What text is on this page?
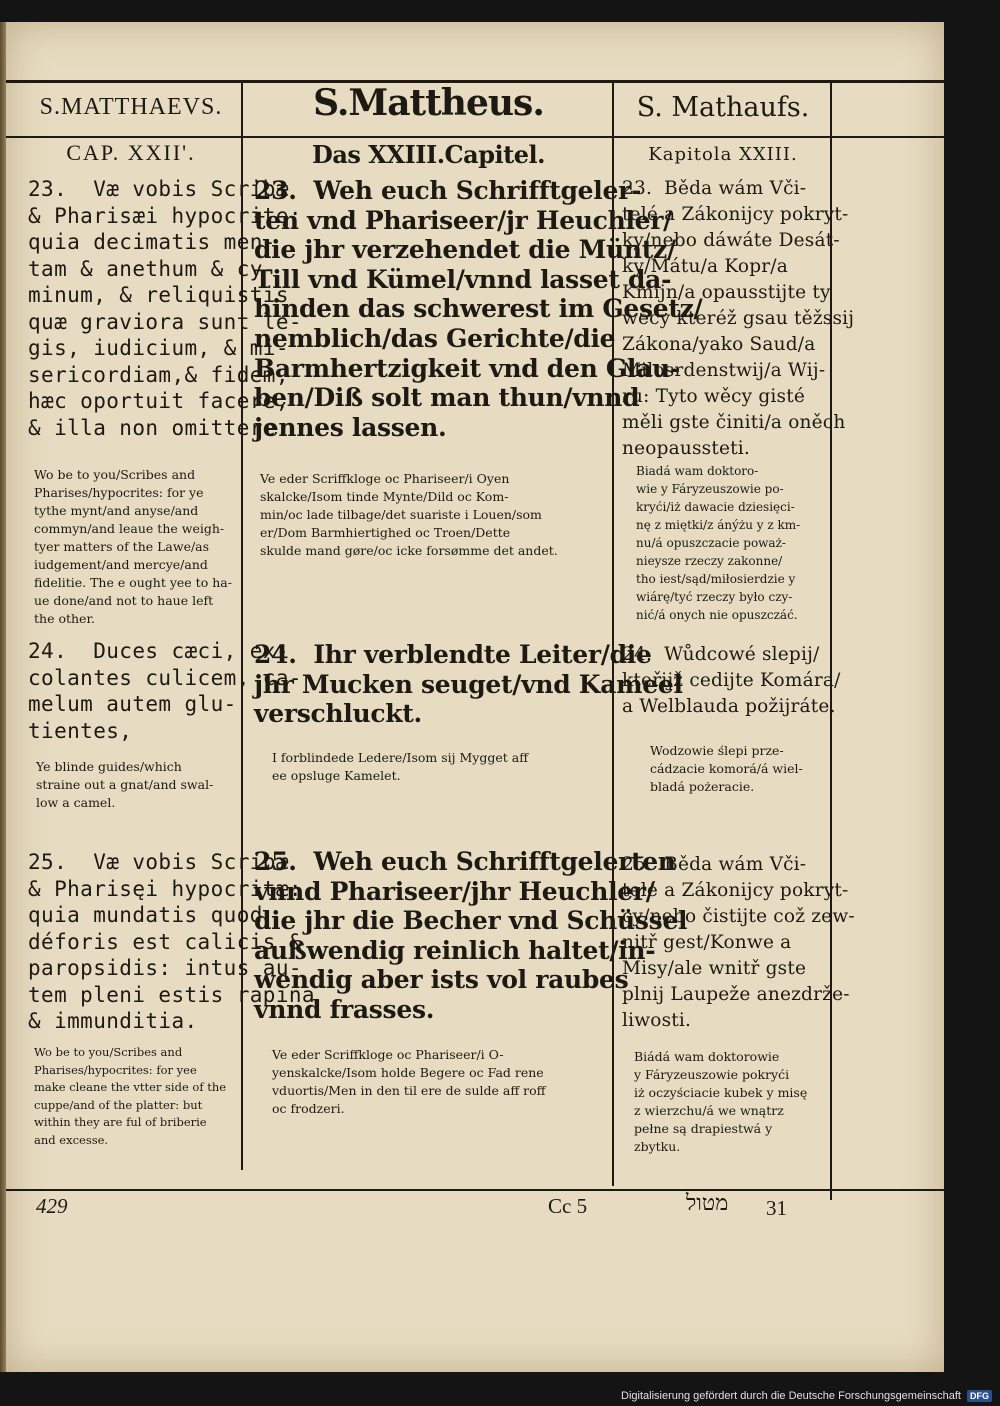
S.MATTHAEVS.	S.Mattheus.	S. Mathaufs.
CAP. XXII'.	Das XXIII.Capitel.	Kapitola XXIII.
23.  Væ vobis Scribæ
& Pharisæi hypocritę:
quia decimatis men-
tam & anethum & cy-
minum, & reliquistis
quæ graviora sunt le-
gis, iudicium, & mi-
sericordiam,& fidem,
hæc oportuit facere,
& illa non omittere.
Wo be to you/Scribes and
Pharises/hypocrites: for ye
tythe mynt/and anyse/and
commyn/and leaue the weigh-
tyer matters of the Lawe/as
iudgement/and mercye/and
fidelitie. The e ought yee to ha-
ue done/and not to haue left
the other.
24.  Duces cæci, ex-
colantes culicem, ca-
melum autem glu-
tientes,
Ye blinde guides/which
straine out a gnat/and swal-
low a camel.
25.  Væ vobis Scribæ
& Pharisęi hypocritæ:
quia mundatis quod
déforis est calicis &
paropsidis: intus au-
tem pleni estis rapina
& immunditia.
Wo be to you/Scribes and
Pharises/hypocrites: for yee
make cleane the vtter side of the
cuppe/and of the platter: but
within they are ful of briberie
and excesse.
23.  Weh euch Schrifftgeler-
ten vnd Phariseer/jr Heuchler/
die jhr verzehendet die Müntz/
Till vnd Kümel/vnnd lasset da-
hinden das schwerest im Gesetz/
nemblich/das Gerichte/die
Barmhertzigkeit vnd den Glau-
ben/Diß solt man thun/vnnd
jennes lassen.
Ve eder Scriffkloge oc Phariseer/i Oyen
skalcke/Isom tinde Mynte/Dild oc Kom-
min/oc lade tilbage/det suariste i Louen/som
er/Dom Barmhiertighed oc Troen/Dette
skulde mand gøre/oc icke forsømme det andet.
24.  Ihr verblendte Leiter/die
jhr Mucken seuget/vnd Kameel
verschluckt.
I forblindede Ledere/Isom sij Mygget aff
ee opsluge Kamelet.
25.  Weh euch Schrifftgelerten
vnnd Phariseer/jhr Heuchler/
die jhr die Becher vnd Schüssel
außwendig reinlich haltet/in-
wendig aber ists vol raubes
vnnd frasses.
Ve eder Scriffkloge oc Phariseer/i O-
yenskalcke/Isom holde Begere oc Fad rene
vduortis/Men in den til ere de sulde aff roff
oc frodzeri.
23.  Běda wám Vči-
telé a Zákonijcy pokryt-
ky/nebo dáwáte Desát-
ky/Mátu/a Kopr/a
Kmijn/a opausstijte ty
wěcy kteréž gsau těžssij
Zákona/yako Saud/a
Milosrdenstwij/a Wij-
ru: Tyto wěcy gisté
měli gste činiti/a oněch
neopaussteti.
Biadá wam doktoro-
wie y Fáryzeuszowie po-
kryći/iż dawacie dziesięci-
nę z miętki/z ánýżu y z km-
nu/á opuszczacie poważ-
nieysze rzeczy zakonne/
tho iest/sąd/miłosierdzie y
wiárę/tyć rzeczy było czy-
nić/á onych nie opuszczáć.
24.  Wůdcowé slepij/
kteřijž cedijte Komára/
a Welblauda požijráte.
Wodzowie ślepi prze-
cádzacie komorá/á wiel-
bladá pożeracie.
25.  Běda wám Vči-
telé a Zákonijcy pokryt-
cy/nebo čistijte což zew-
nitř gest/Konwe a
Misy/ale wnitř gste
plnij Laupeže anezdrže-
liwosti.
Biádá wam doktorowie
y Fáryzeuszowie pokryći
iż oczyściacie kubek y misę
z wierzchu/á we wnątrz
pełne są drapiestwá y
zbytku.
429	Cc 5	מטול 31
Digitalisierung gefördert durch die Deutsche Forschungsgemeinschaft	DFG
